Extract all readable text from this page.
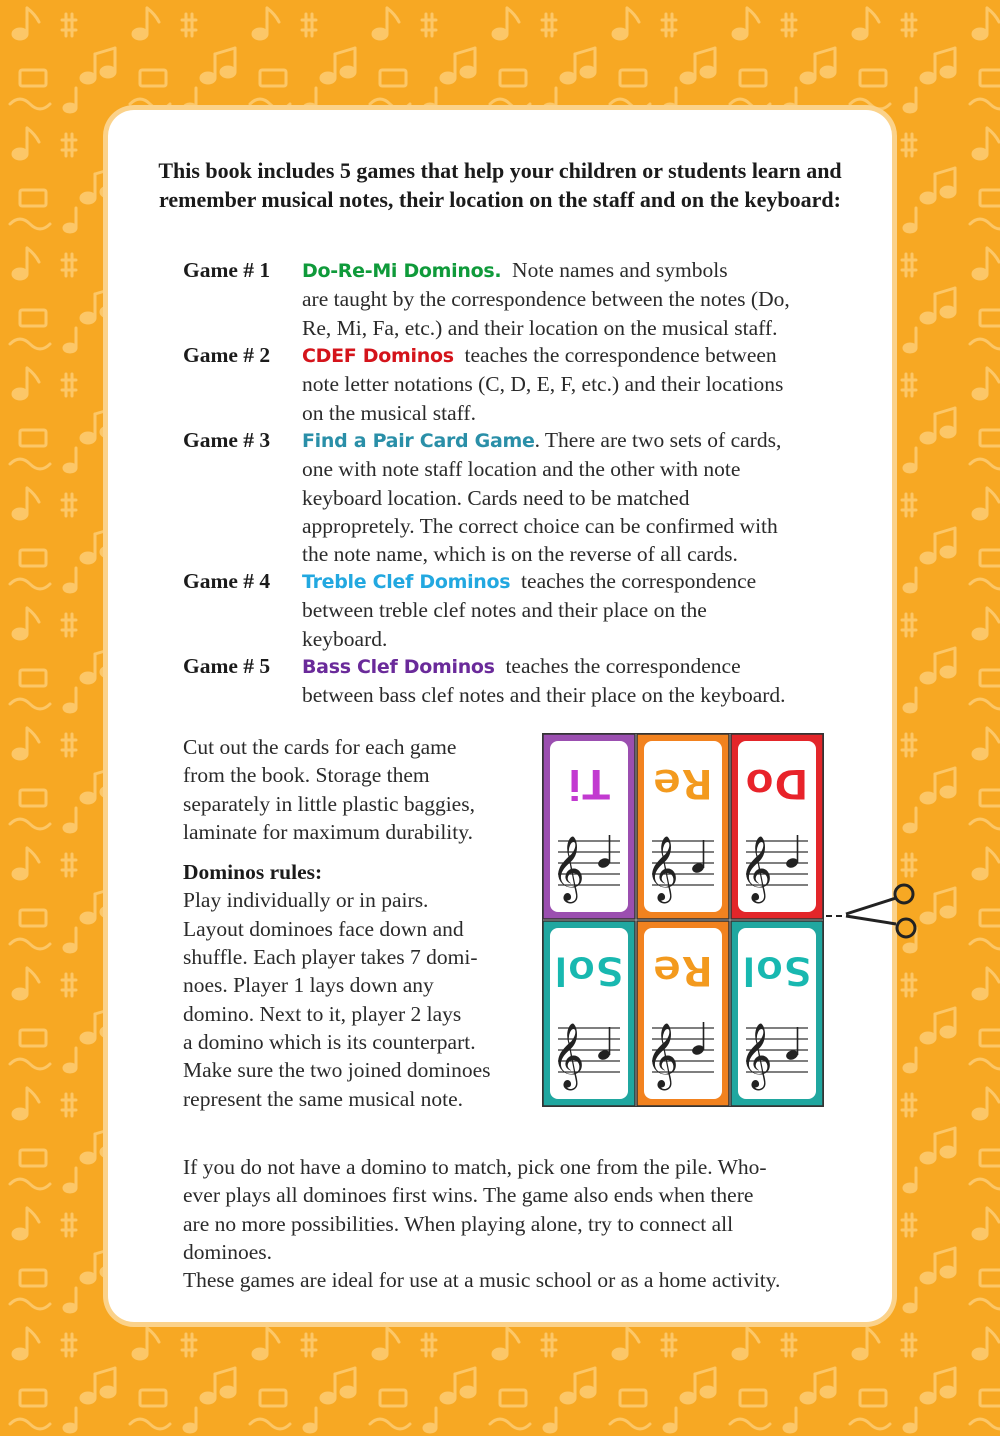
This book includes 5 games that help your children or students learn and remember musical notes, their location on the staff and on the keyboard:
Game # 1	Do-Re-Mi Dominos. Note names and symbols
are taught by the correspondence between the notes (Do,
Re, Mi, Fa, etc.) and their location on the musical staff.
Game # 2	CDEF Dominos teaches the correspondence between
note letter notations (C, D, E, F, etc.) and their locations
on the musical staff.
Game # 3	Find a Pair Card Game. There are two sets of cards,
one with note staff location and the other with note
keyboard location. Cards need to be matched
appropretely. The correct choice can be confirmed with
the note name, which is on the reverse of all cards.
Game # 4	Treble Clef Dominos teaches the correspondence
between treble clef notes and their place on the
keyboard.
Game # 5	Bass Clef Dominos teaches the correspondence
between bass clef notes and their place on the keyboard.
Cut out the cards for each game
from the book. Storage them
separately in little plastic baggies,
laminate for maximum durability.
Dominos rules:
Play individually or in pairs.
Layout dominoes face down and
shuffle. Each player takes 7 domi-
noes. Player 1 lays down any
domino. Next to it, player 2 lays
a domino which is its counterpart.
Make sure the two joined dominoes
represent the same musical note.
Ti
𝄞
Re
𝄞
Do
𝄞
Sol
𝄞
Re
𝄞
Sol
𝄞
If you do not have a domino to match, pick one from the pile. Who-
ever plays all dominoes first wins. The game also ends when there
are no more possibilities. When playing alone, try to connect all
dominoes.
These games are ideal for use at a music school or as a home activity.
